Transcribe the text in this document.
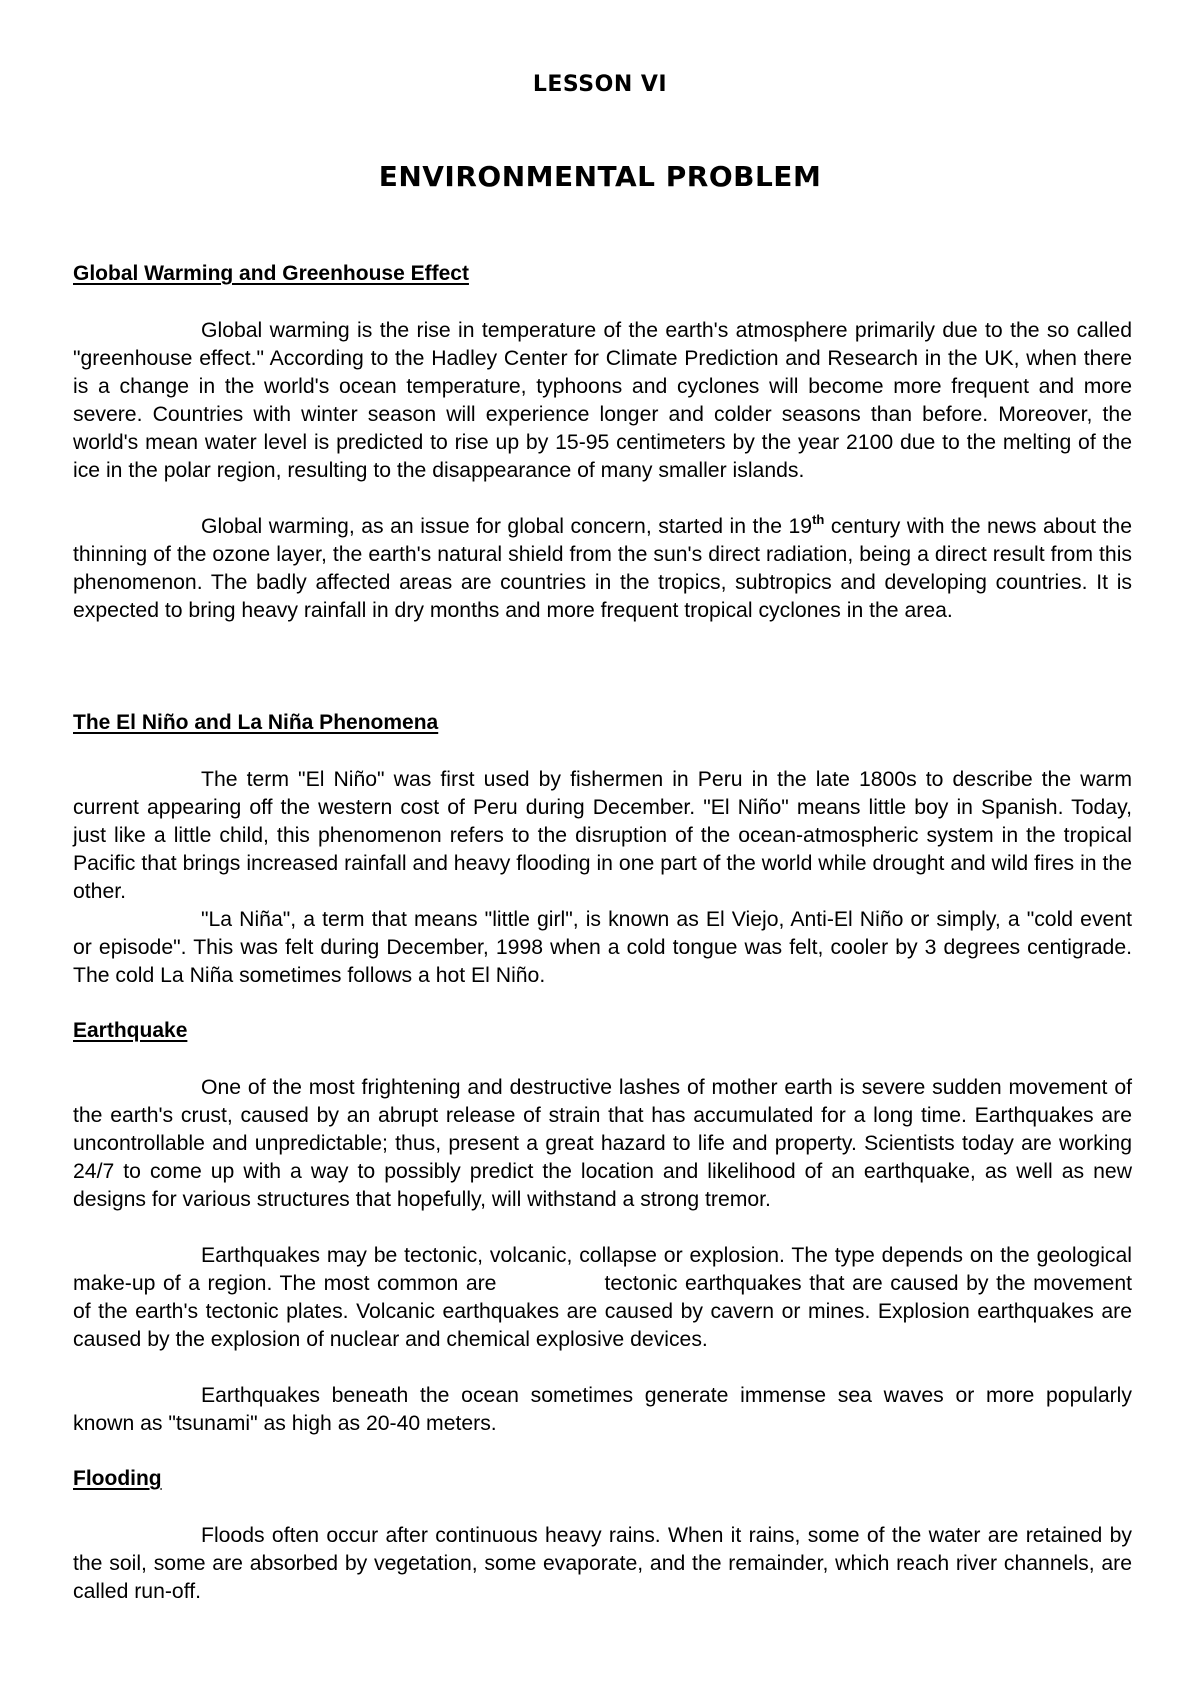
LESSON VI
ENVIRONMENTAL PROBLEM
Global Warming and Greenhouse Effect

Global warming is the rise in temperature of the earth's atmosphere primarily due to the so called "greenhouse effect." According to the Hadley Center for Climate Prediction and Research in the UK, when there is a change in the world's ocean temperature, typhoons and cyclones will become more frequent and more severe. Countries with winter season will experience longer and colder seasons than before. Moreover, the world's mean water level is predicted to rise up by 15-95 centimeters by the year 2100 due to the melting of the ice in the polar region, resulting to the disappearance of many smaller islands.

Global warming, as an issue for global concern, started in the 19th century with the news about the thinning of the ozone layer, the earth's natural shield from the sun's direct radiation, being a direct result from this phenomenon. The badly affected areas are countries in the tropics, subtropics and developing countries. It is expected to bring heavy rainfall in dry months and more frequent tropical cyclones in the area.

The El Niño and La Niña Phenomena

The term "El Niño" was first used by fishermen in Peru in the late 1800s to describe the warm current appearing off the western cost of Peru during December. "El Niño" means little boy in Spanish. Today, just like a little child, this phenomenon refers to the disruption of the ocean-atmospheric system in the tropical Pacific that brings increased rainfall and heavy flooding in one part of the world while drought and wild fires in the other.

"La Niña", a term that means "little girl", is known as El Viejo, Anti-El Niño or simply, a "cold event or episode". This was felt during December, 1998 when a cold tongue was felt, cooler by 3 degrees centigrade. The cold La Niña sometimes follows a hot El Niño.

Earthquake

One of the most frightening and destructive lashes of mother earth is severe sudden movement of the earth's crust, caused by an abrupt release of strain that has accumulated for a long time. Earthquakes are uncontrollable and unpredictable; thus, present a great hazard to life and property. Scientists today are working 24/7 to come up with a way to possibly predict the location and likelihood of an earthquake, as well as new designs for various structures that hopefully, will withstand a strong tremor.

Earthquakes may be tectonic, volcanic, collapse or explosion. The type depends on the geological make-up of a region. The most common are	tectonic earthquakes that are caused by the movement of the earth's tectonic plates. Volcanic earthquakes are caused by cavern or mines. Explosion earthquakes are caused by the explosion of nuclear and chemical explosive devices.

Earthquakes beneath the ocean sometimes generate immense sea waves or more popularly known as "tsunami" as high as 20-40 meters.

Flooding

Floods often occur after continuous heavy rains. When it rains, some of the water are retained by the soil, some are absorbed by vegetation, some evaporate, and the remainder, which reach river channels, are called run-off.
